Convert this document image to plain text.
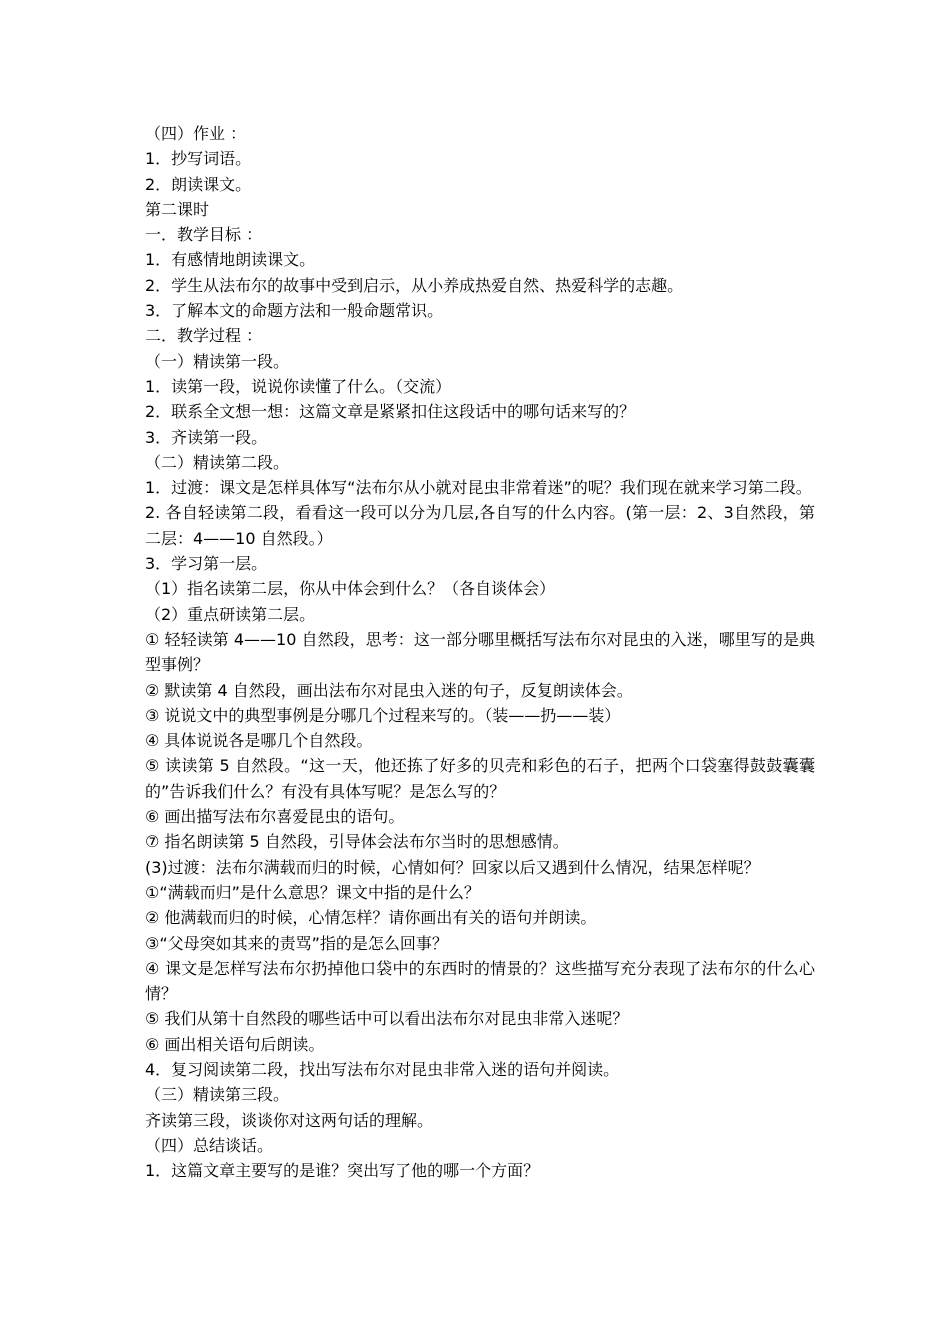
（四）作业 ：

1．抄写词语。

2．朗读课文。

第二课时

一．教学目标 ：

1．有感情地朗读课文。

2．学生从法布尔的故事中受到启示，从小养成热爱自然、热爱科学的志趣。

3．了解本文的命题方法和一般命题常识。

二．教学过程 ：

（一）精读第一段。

1．读第一段，说说你读懂了什么。（交流）

2．联系全文想一想：这篇文章是紧紧扣住这段话中的哪句话来写的？

3．齐读第一段。

（二）精读第二段。

1．过渡：课文是怎样具体写“法布尔从小就对昆虫非常着迷”的呢？我们现在就来学习第二段。

2. 各自轻读第二段，看看这一段可以分为几层,各自写的什么内容。(第一层：2、3自然段，第二层：4——10 自然段。）

3．学习第一层。

（1）指名读第二层，你从中体会到什么？（各自谈体会）

（2）重点研读第二层。

① 轻轻读第 4——10 自然段，思考：这一部分哪里概括写法布尔对昆虫的入迷，哪里写的是典型事例？

② 默读第 4 自然段，画出法布尔对昆虫入迷的句子，反复朗读体会。

③ 说说文中的典型事例是分哪几个过程来写的。（装——扔——装）

④ 具体说说各是哪几个自然段。

⑤ 读读第 5 自然段。“这一天，他还拣了好多的贝壳和彩色的石子，把两个口袋塞得鼓鼓囊囊的”告诉我们什么？有没有具体写呢？是怎么写的？

⑥ 画出描写法布尔喜爱昆虫的语句。

⑦ 指名朗读第 5 自然段，引导体会法布尔当时的思想感情。

(3)过渡：法布尔满载而归的时候，心情如何？回家以后又遇到什么情况，结果怎样呢？

①“满载而归”是什么意思？课文中指的是什么？

② 他满载而归的时候，心情怎样？请你画出有关的语句并朗读。

③“父母突如其来的责骂”指的是怎么回事？

④ 课文是怎样写法布尔扔掉他口袋中的东西时的情景的？这些描写充分表现了法布尔的什么心情？

⑤ 我们从第十自然段的哪些话中可以看出法布尔对昆虫非常入迷呢？

⑥ 画出相关语句后朗读。

4．复习阅读第二段，找出写法布尔对昆虫非常入迷的语句并阅读。

（三）精读第三段。

齐读第三段，谈谈你对这两句话的理解。

（四）总结谈话。

1．这篇文章主要写的是谁？突出写了他的哪一个方面？
